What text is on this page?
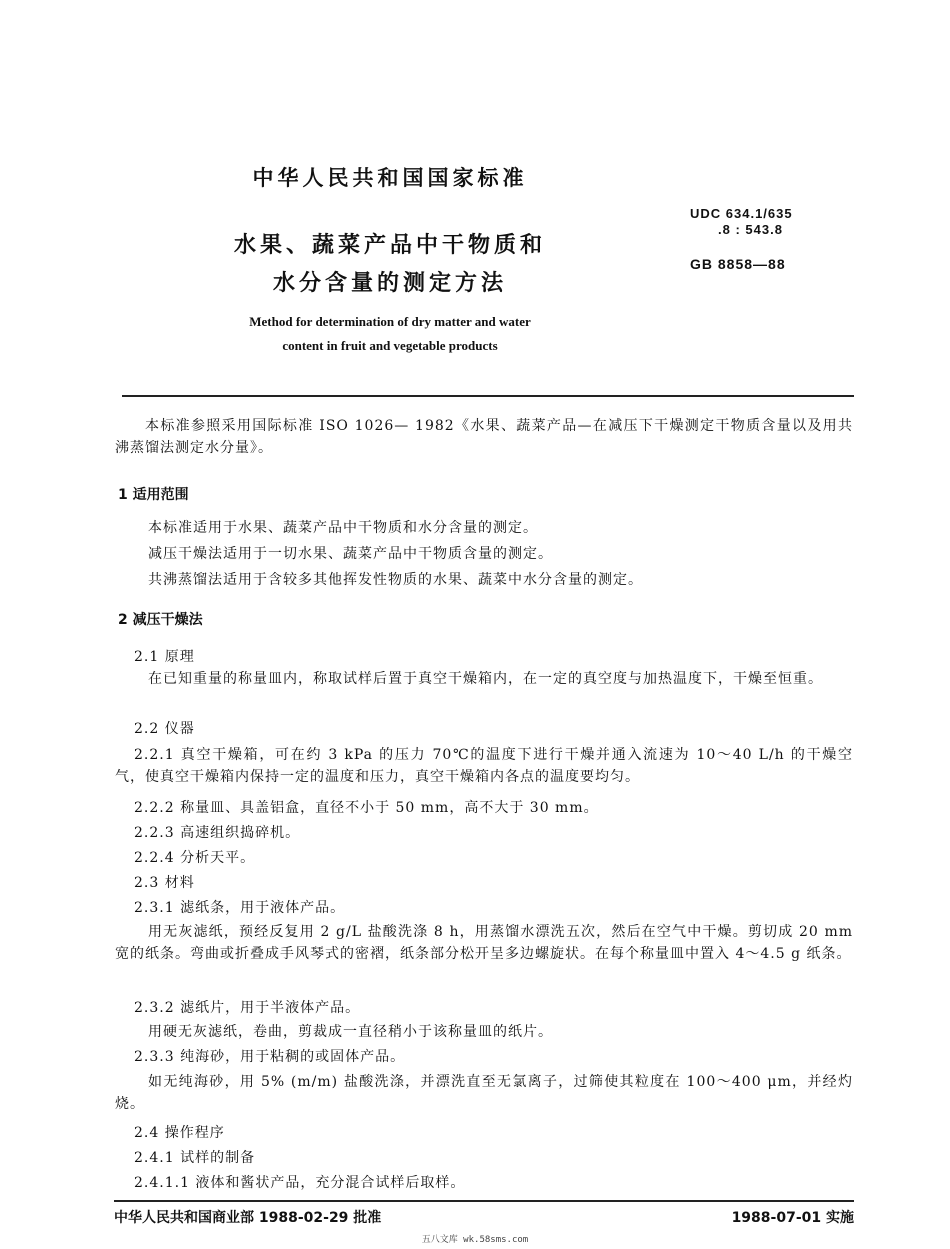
中华人民共和国国家标准
水果、蔬菜产品中干物质和
水分含量的测定方法
Method for determination of dry matter and water
content in fruit and vegetable products
UDC 634.1/635
.8 : 543.8
GB 8858—88
本标准参照采用国际标准 ISO 1026— 1982《水果、蔬菜产品—在减压下干燥测定干物质含量以及用共沸蒸馏法测定水分量》。
1 适用范围
本标准适用于水果、蔬菜产品中干物质和水分含量的测定。
减压干燥法适用于一切水果、蔬菜产品中干物质含量的测定。
共沸蒸馏法适用于含较多其他挥发性物质的水果、蔬菜中水分含量的测定。
2 减压干燥法
2.1 原理
在已知重量的称量皿内，称取试样后置于真空干燥箱内，在一定的真空度与加热温度下，干燥至恒重。
2.2 仪器
2.2.1 真空干燥箱，可在约 3 kPa 的压力 70℃的温度下进行干燥并通入流速为 10～40 L/h 的干燥空气，使真空干燥箱内保持一定的温度和压力，真空干燥箱内各点的温度要均匀。
2.2.2 称量皿、具盖铝盒，直径不小于 50 mm，高不大于 30 mm。
2.2.3 高速组织捣碎机。
2.2.4 分析天平。
2.3 材料
2.3.1 滤纸条，用于液体产品。
用无灰滤纸，预经反复用 2 g/L 盐酸洗涤 8 h，用蒸馏水漂洗五次，然后在空气中干燥。剪切成 20 mm 宽的纸条。弯曲或折叠成手风琴式的密褶，纸条部分松开呈多边螺旋状。在每个称量皿中置入 4～4.5 g 纸条。
2.3.2 滤纸片，用于半液体产品。
用硬无灰滤纸，卷曲，剪裁成一直径稍小于该称量皿的纸片。
2.3.3 纯海砂，用于粘稠的或固体产品。
如无纯海砂，用 5% (m/m) 盐酸洗涤，并漂洗直至无氯离子，过筛使其粒度在 100～400 μm，并经灼烧。
2.4 操作程序
2.4.1 试样的制备
2.4.1.1 液体和酱状产品，充分混合试样后取样。
中华人民共和国商业部 1988-02-29 批准	1988-07-01 实施
五八文库 wk.58sms.com
